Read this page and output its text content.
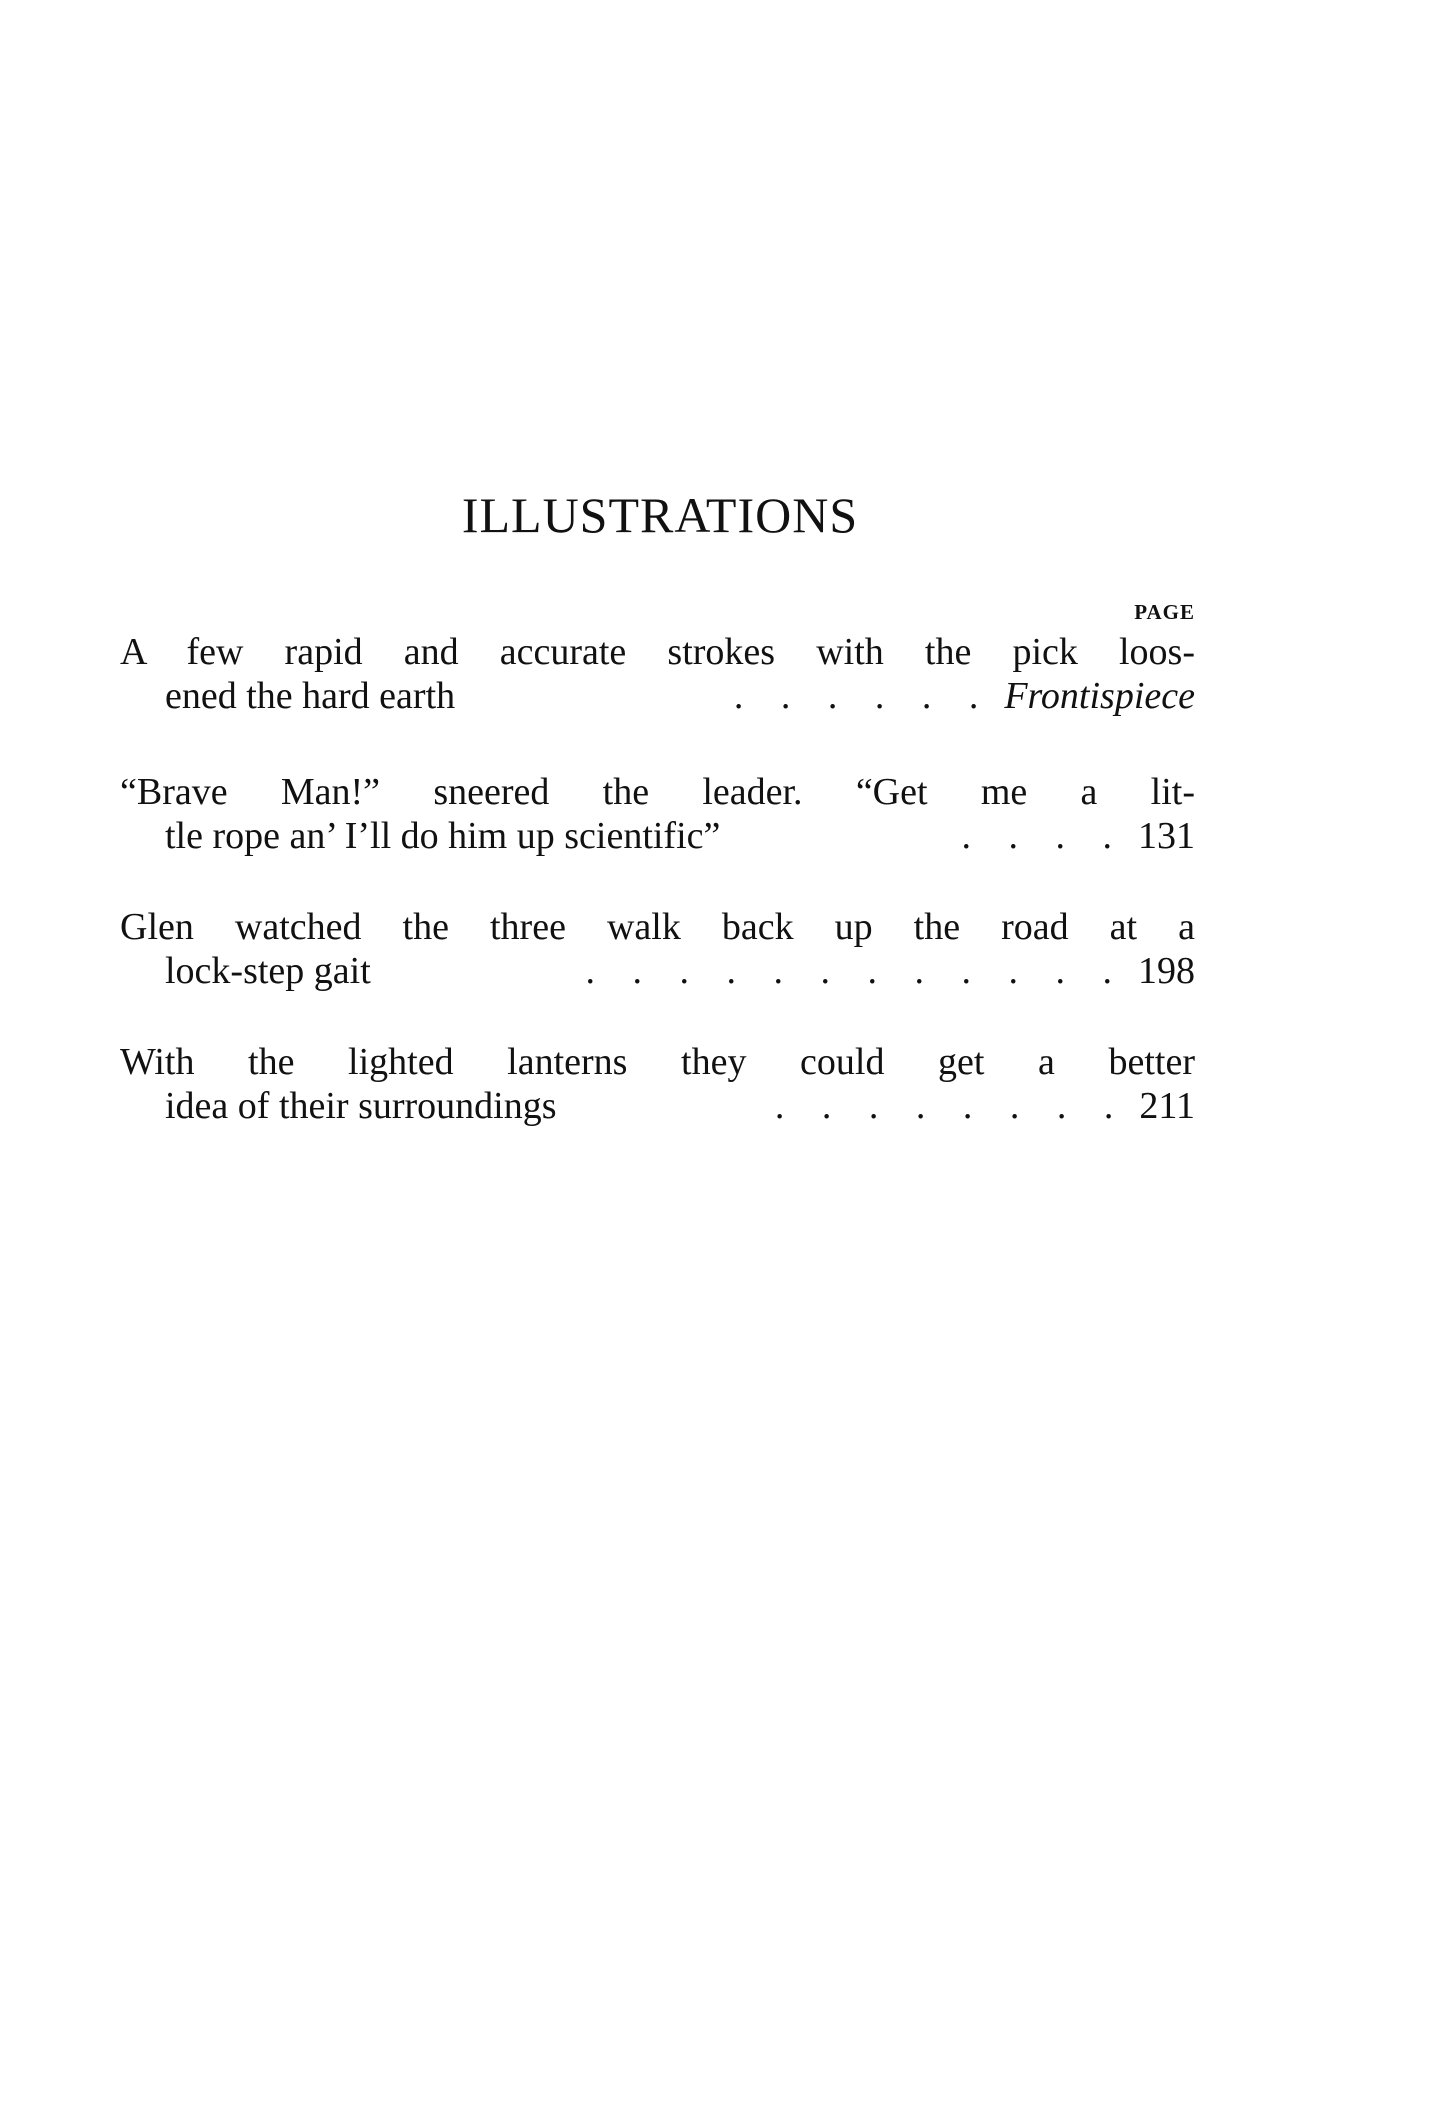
ILLUSTRATIONS
PAGE
A few rapid and accurate strokes with the pick loos-
ened the hard earth	. . . . . . Frontispiece
“Brave Man!” sneered the leader. “Get me a lit-
tle rope an’ I’ll do him up scientific”	. . . . 131
Glen watched the three walk back up the road at a
lock-step gait	. . . . . . . . . . . . 198
With the lighted lanterns they could get a better
idea of their surroundings	. . . . . . . . 211
